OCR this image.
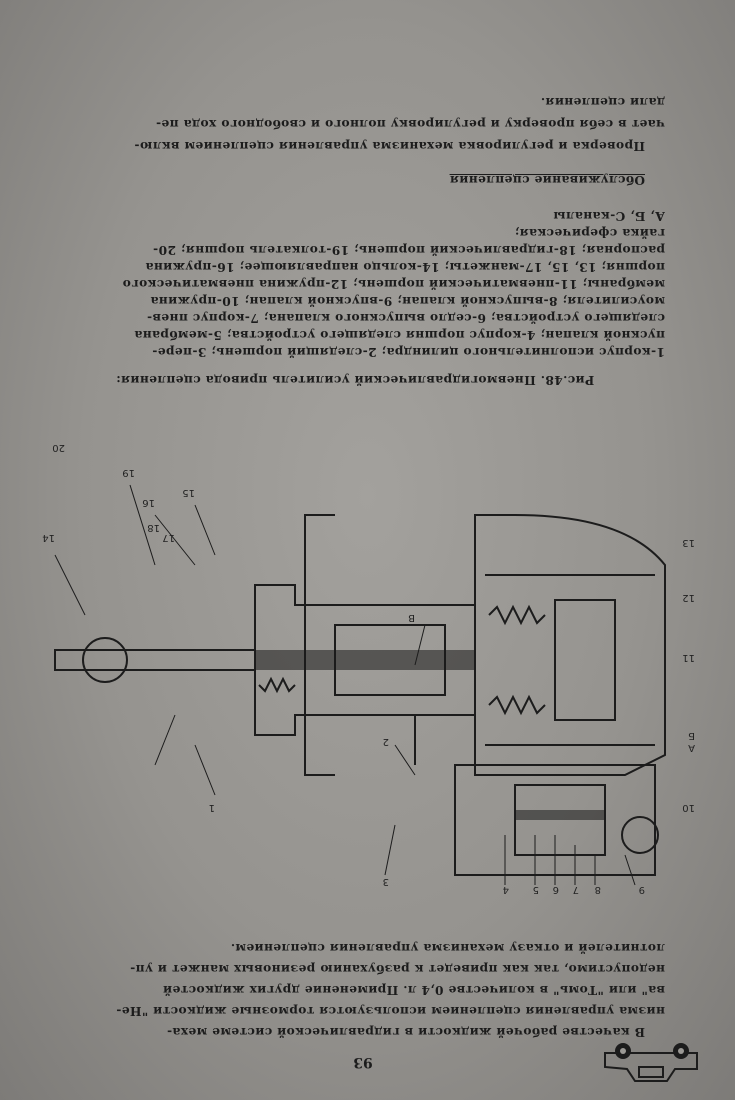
93

В качестве рабочей жидкости в гидравлической системе меха-

низма управления сцеплением используются тормозные жидкости "Не-

ва" или "Томь" в количестве 0,4 л. Применение других жидкостей

недопустимо, так как приведет к разбуханию резиновых манжет и уп-

лотнителей и отказу механизма управления сцеплением.

9
8
7
6
5
4
3
2
10
А
Б
11
12
13
В
1
15
16
19
17
18
14
20

Рис.48. Пневмогидравлический усилитель привода сцепления:

1-корпус исполнительного цилиндра; 2-следящий поршень; 3-пере-

пускной клапан; 4-корпус поршня следящего устройства; 5-мембрана

следящего устройства; 6-седло выпускного клапана; 7-корпус пнев-

моусилителя; 8-выпускной клапан; 9-впускной клапан; 10-пружина

мембраны; 11-пневматический поршень; 12-пружина пневматического

поршня; 13, 15, 17-манжеты; 14-кольцо направляющее; 16-пружина

распорная; 18-гидравлический поршень; 19-толкатель поршня; 20-

гайка сферическая;

А, Б, С-каналы

Обслуживание сцепления

Проверка и регулировка механизма управления сцеплением вклю-

чает в себя проверку и регулировку полного и свободного хода пе-

дали сцепления.
